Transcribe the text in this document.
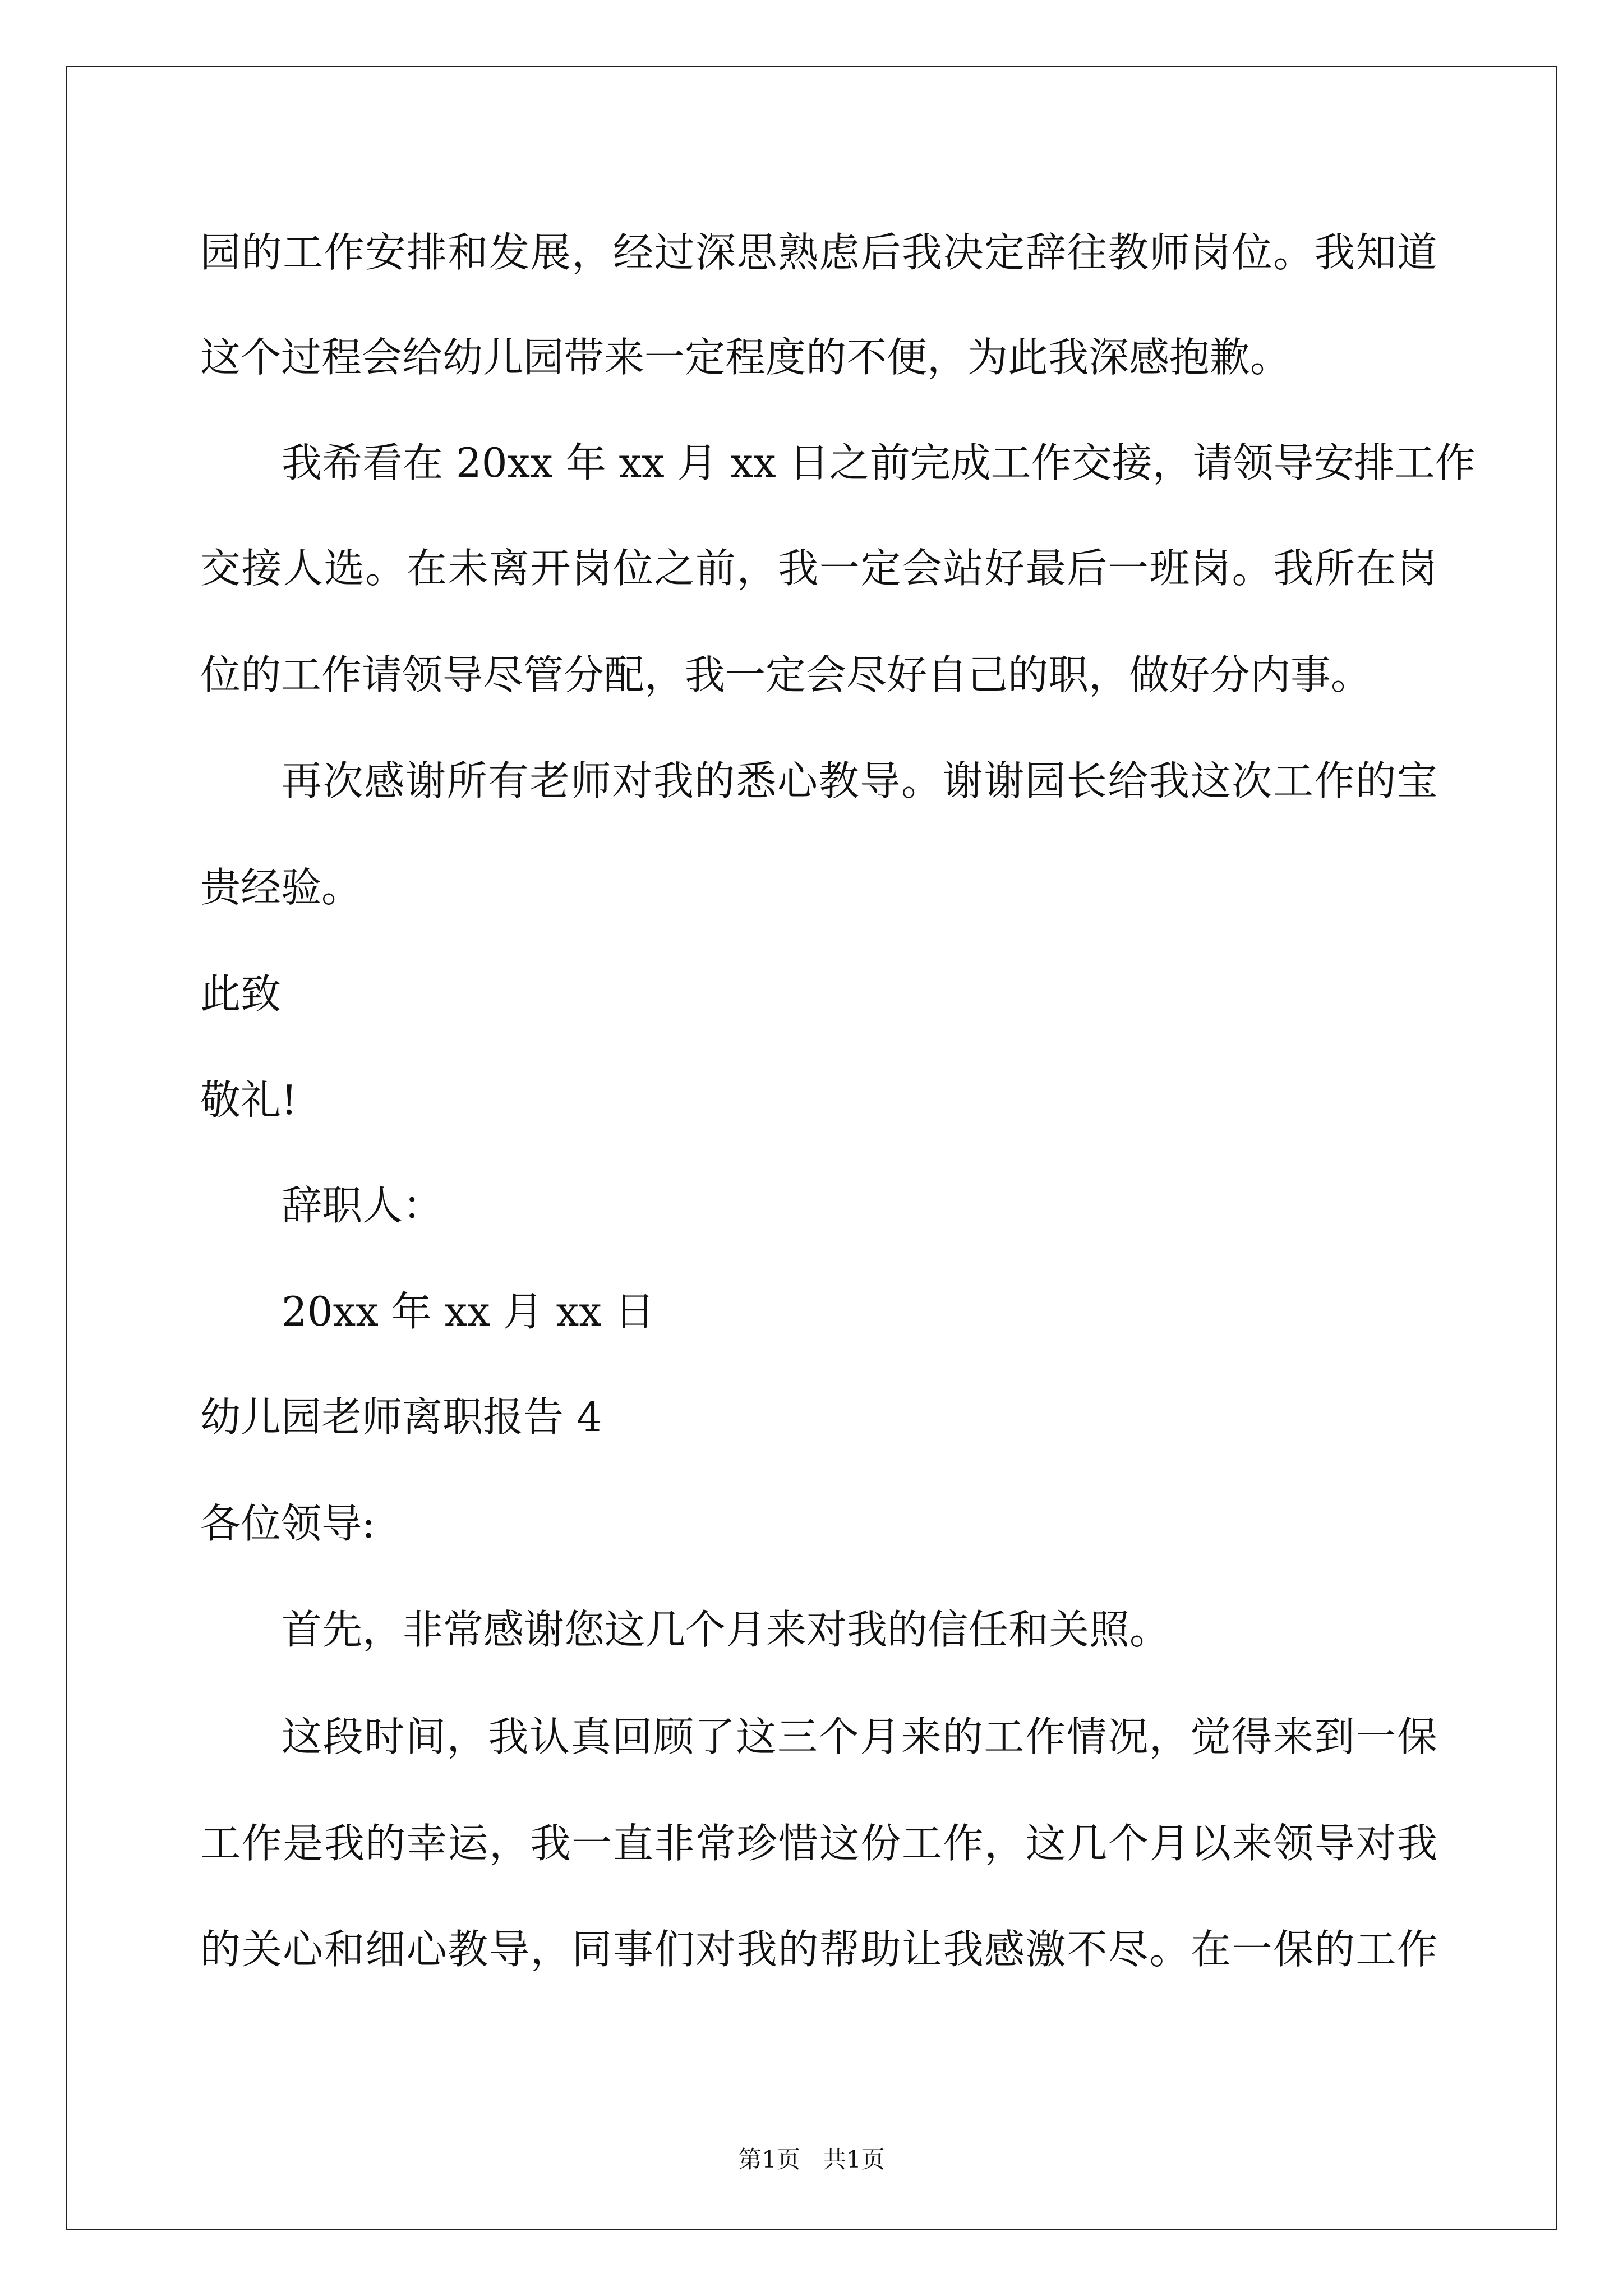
园的工作安排和发展，经过深思熟虑后我决定辞往教师岗位。我知道
这个过程会给幼儿园带来一定程度的不便，为此我深感抱歉。
我希看在 20xx 年 xx 月 xx 日之前完成工作交接，请领导安排工作
交接人选。在未离开岗位之前，我一定会站好最后一班岗。我所在岗
位的工作请领导尽管分配，我一定会尽好自己的职，做好分内事。
再次感谢所有老师对我的悉心教导。谢谢园长给我这次工作的宝
贵经验。
此致
敬礼!
辞职人：
20xx 年 xx 月 xx 日
幼儿园老师离职报告 4
各位领导:
首先，非常感谢您这几个月来对我的信任和关照。
这段时间，我认真回顾了这三个月来的工作情况，觉得来到一保
工作是我的幸运，我一直非常珍惜这份工作，这几个月以来领导对我
的关心和细心教导，同事们对我的帮助让我感激不尽。在一保的工作
第1页   共1页
